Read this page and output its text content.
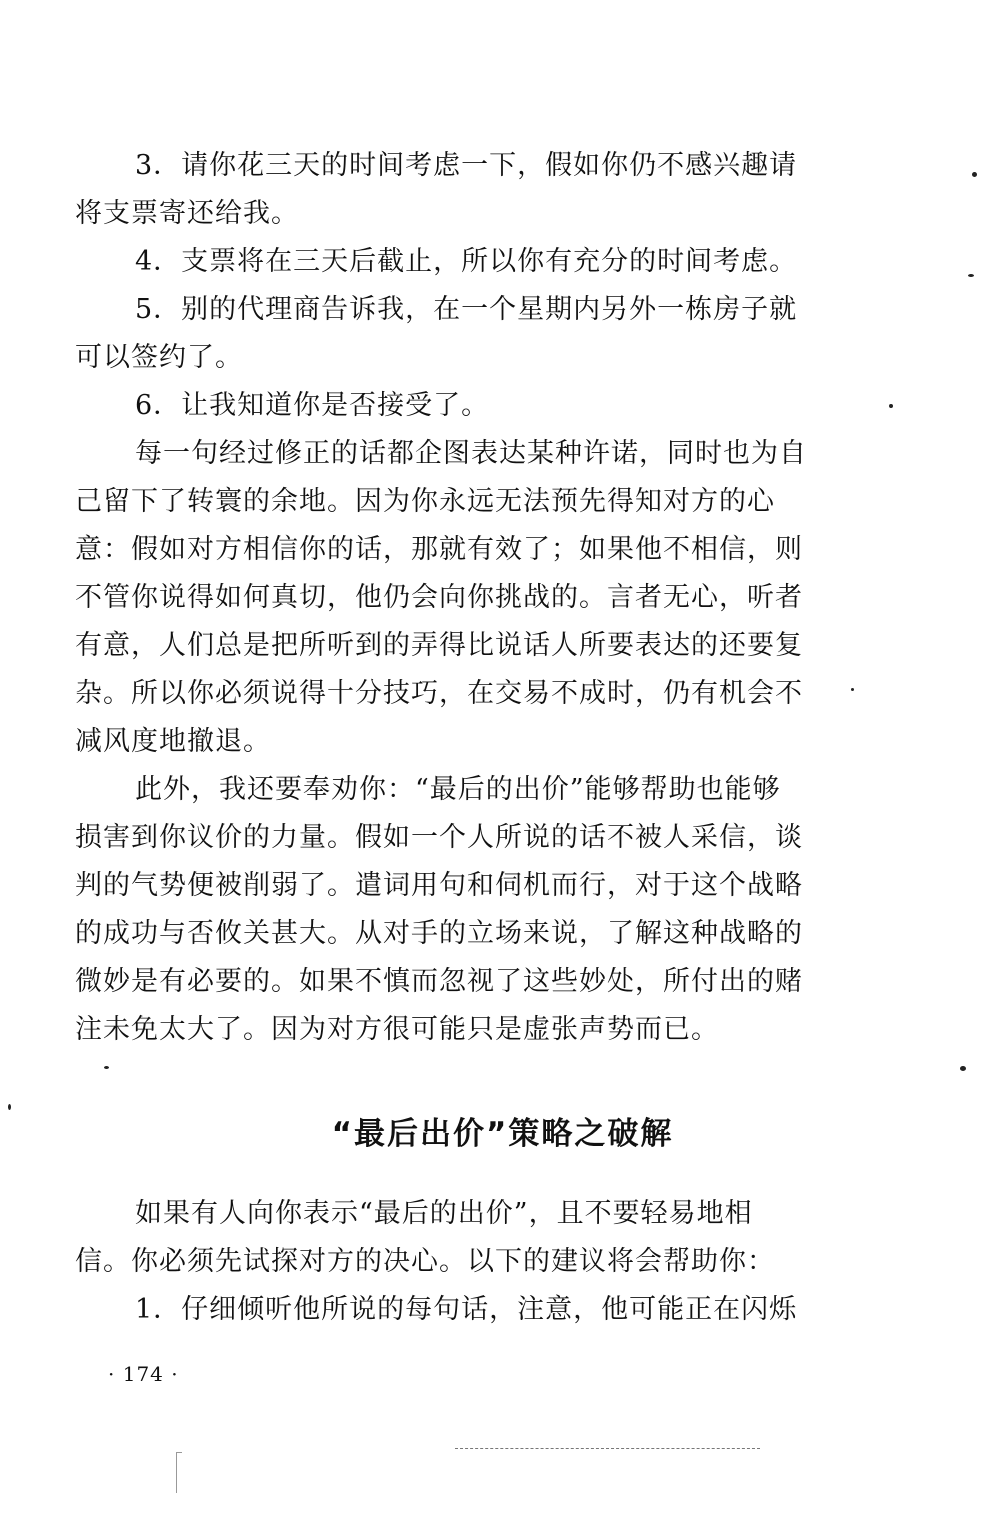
3．请你花三天的时间考虑一下，假如你仍不感兴趣请
将支票寄还给我。
4．支票将在三天后截止，所以你有充分的时间考虑。
5．别的代理商告诉我，在一个星期内另外一栋房子就
可以签约了。
6．让我知道你是否接受了。
每一句经过修正的话都企图表达某种许诺，同时也为自
己留下了转寰的余地。因为你永远无法预先得知对方的心
意：假如对方相信你的话，那就有效了；如果他不相信，则
不管你说得如何真切，他仍会向你挑战的。言者无心，听者
有意，人们总是把所听到的弄得比说话人所要表达的还要复
杂。所以你必须说得十分技巧，在交易不成时，仍有机会不
减风度地撤退。
此外，我还要奉劝你：“最后的出价”能够帮助也能够
损害到你议价的力量。假如一个人所说的话不被人采信，谈
判的气势便被削弱了。遣词用句和伺机而行，对于这个战略
的成功与否攸关甚大。从对手的立场来说，了解这种战略的
微妙是有必要的。如果不慎而忽视了这些妙处，所付出的赌
注未免太大了。因为对方很可能只是虚张声势而已。
“最后出价”策略之破解
如果有人向你表示“最后的出价”，且不要轻易地相
信。你必须先试探对方的决心。以下的建议将会帮助你：
1．仔细倾听他所说的每句话，注意，他可能正在闪烁
· 174 ·
